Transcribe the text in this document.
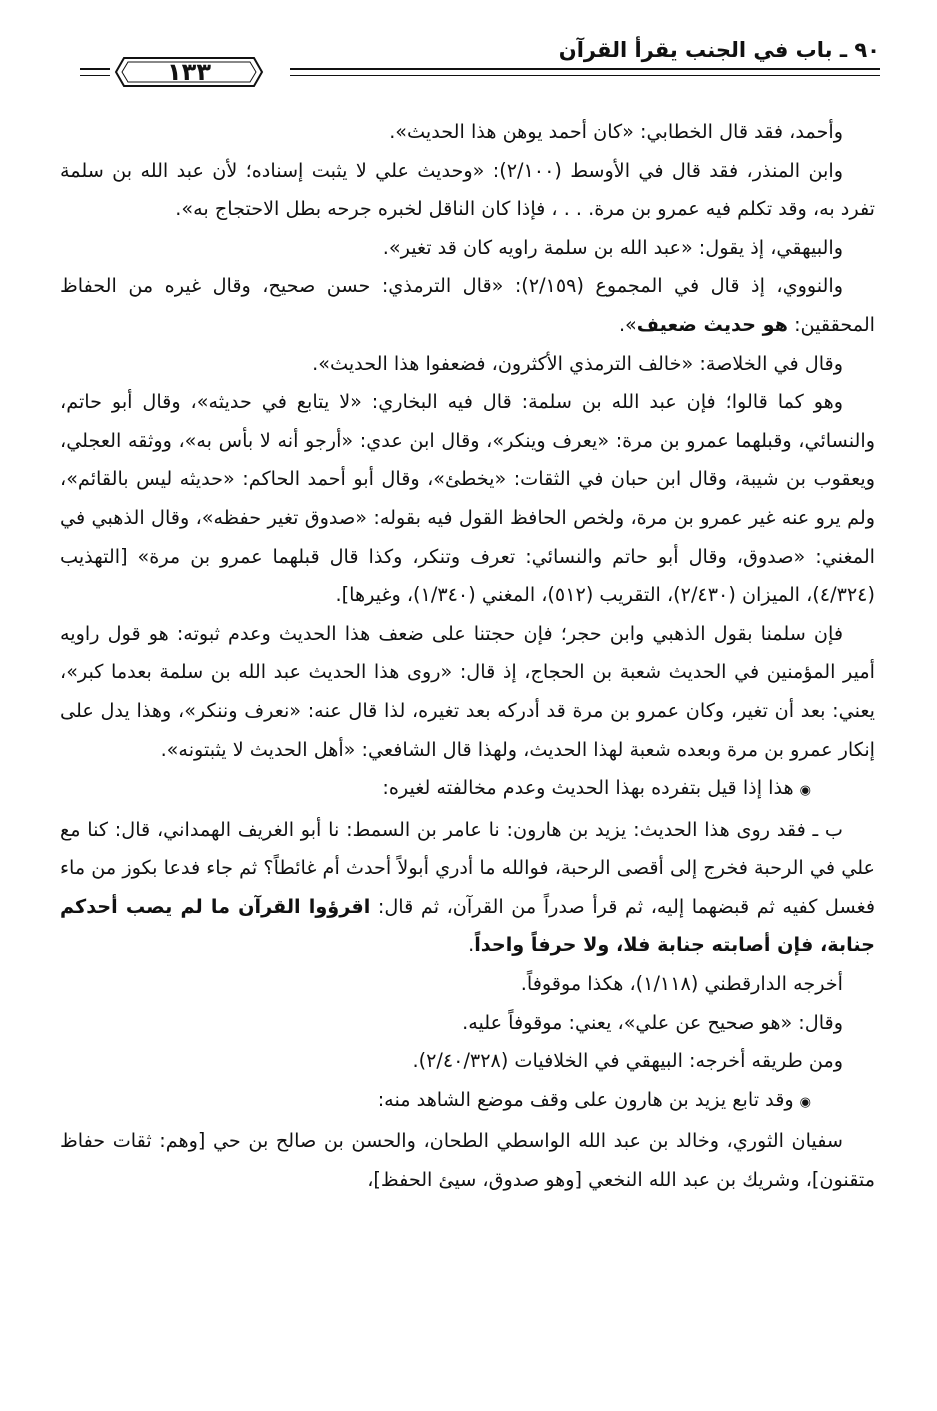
٩٠ ـ باب في الجنب يقرأ القرآن
١٣٣

وأحمد، فقد قال الخطابي: «كان أحمد يوهن هذا الحديث».

وابن المنذر، فقد قال في الأوسط (٢/١٠٠): «وحديث علي لا يثبت إسناده؛ لأن عبد الله بن سلمة تفرد به، وقد تكلم فيه عمرو بن مرة. . . ، فإذا كان الناقل لخبره جرحه بطل الاحتجاج به».

والبيهقي، إذ يقول: «عبد الله بن سلمة راويه كان قد تغير».

والنووي، إذ قال في المجموع (٢/١٥٩): «قال الترمذي: حسن صحيح، وقال غيره من الحفاظ المحققين: هو حديث ضعيف».

وقال في الخلاصة: «خالف الترمذي الأكثرون، فضعفوا هذا الحديث».

وهو كما قالوا؛ فإن عبد الله بن سلمة: قال فيه البخاري: «لا يتابع في حديثه»، وقال أبو حاتم، والنسائي، وقبلهما عمرو بن مرة: «يعرف وينكر»، وقال ابن عدي: «أرجو أنه لا بأس به»، ووثقه العجلي، ويعقوب بن شيبة، وقال ابن حبان في الثقات: «يخطئ»، وقال أبو أحمد الحاكم: «حديثه ليس بالقائم»، ولم يرو عنه غير عمرو بن مرة، ولخص الحافظ القول فيه بقوله: «صدوق تغير حفظه»، وقال الذهبي في المغني: «صدوق، وقال أبو حاتم والنسائي: تعرف وتنكر، وكذا قال قبلهما عمرو بن مرة» [التهذيب (٤/٣٢٤)، الميزان (٢/٤٣٠)، التقريب (٥١٢)، المغني (١/٣٤٠)، وغيرها].

فإن سلمنا بقول الذهبي وابن حجر؛ فإن حجتنا على ضعف هذا الحديث وعدم ثبوته: هو قول راويه أمير المؤمنين في الحديث شعبة بن الحجاج، إذ قال: «روى هذا الحديث عبد الله بن سلمة بعدما كبر»، يعني: بعد أن تغير، وكان عمرو بن مرة قد أدركه بعد تغيره، لذا قال عنه: «نعرف وننكر»، وهذا يدل على إنكار عمرو بن مرة وبعده شعبة لهذا الحديث، ولهذا قال الشافعي: «أهل الحديث لا يثبتونه».

◉هذا إذا قيل بتفرده بهذا الحديث وعدم مخالفته لغيره:

ب ـ فقد روى هذا الحديث: يزيد بن هارون: نا عامر بن السمط: نا أبو الغريف الهمداني، قال: كنا مع علي في الرحبة فخرج إلى أقصى الرحبة، فوالله ما أدري أبولاً أحدث أم غائطاً؟ ثم جاء فدعا بكوز من ماء فغسل كفيه ثم قبضهما إليه، ثم قرأ صدراً من القرآن، ثم قال: اقرؤوا القرآن ما لم يصب أحدكم جنابة، فإن أصابته جنابة فلا، ولا حرفاً واحداً.

أخرجه الدارقطني (١/١١٨)، هكذا موقوفاً.

وقال: «هو صحيح عن علي»، يعني: موقوفاً عليه.

ومن طريقه أخرجه: البيهقي في الخلافيات (٢/٤٠/٣٢٨).

◉وقد تابع يزيد بن هارون على وقف موضع الشاهد منه:

سفيان الثوري، وخالد بن عبد الله الواسطي الطحان، والحسن بن صالح بن حي [وهم: ثقات حفاظ متقنون]، وشريك بن عبد الله النخعي [وهو صدوق، سيئ الحفظ]،
